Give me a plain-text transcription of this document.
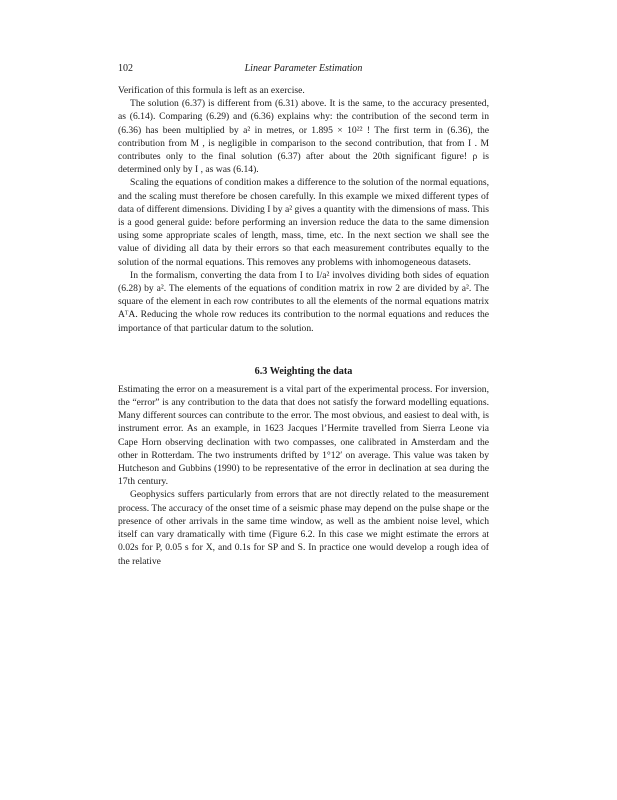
102	Linear Parameter Estimation

Verification of this formula is left as an exercise.

The solution (6.37) is different from (6.31) above. It is the same, to the accuracy presented, as (6.14). Comparing (6.29) and (6.36) explains why: the contribution of the second term in (6.36) has been multiplied by a² in metres, or 1.895 × 10²² ! The first term in (6.36), the contribution from M , is negligible in comparison to the second contribution, that from I . M contributes only to the final solution (6.37) after about the 20th significant figure! ρ is determined only by I , as was (6.14).

Scaling the equations of condition makes a difference to the solution of the normal equations, and the scaling must therefore be chosen carefully. In this example we mixed different types of data of different dimensions. Dividing I by a² gives a quantity with the dimensions of mass. This is a good general guide: before performing an inversion reduce the data to the same dimension using some appropriate scales of length, mass, time, etc. In the next section we shall see the value of dividing all data by their errors so that each measurement contributes equally to the solution of the normal equations. This removes any problems with inhomogeneous datasets.

In the formalism, converting the data from I to I/a² involves dividing both sides of equation (6.28) by a². The elements of the equations of condition matrix in row 2 are divided by a². The square of the element in each row contributes to all the elements of the normal equations matrix AᵀA. Reducing the whole row reduces its contribution to the normal equations and reduces the importance of that particular datum to the solution.

6.3 Weighting the data

Estimating the error on a measurement is a vital part of the experimental process. For inversion, the “error” is any contribution to the data that does not satisfy the forward modelling equations. Many different sources can contribute to the error. The most obvious, and easiest to deal with, is instrument error. As an example, in 1623 Jacques l’Hermite travelled from Sierra Leone via Cape Horn observing declination with two compasses, one calibrated in Amsterdam and the other in Rotterdam. The two instruments drifted by 1°12′ on average. This value was taken by Hutcheson and Gubbins (1990) to be representative of the error in declination at sea during the 17th century.

Geophysics suffers particularly from errors that are not directly related to the measurement process. The accuracy of the onset time of a seismic phase may depend on the pulse shape or the presence of other arrivals in the same time window, as well as the ambient noise level, which itself can vary dramatically with time (Figure 6.2. In this case we might estimate the errors at 0.02s for P, 0.05 s for X, and 0.1s for SP and S. In practice one would develop a rough idea of the relative
